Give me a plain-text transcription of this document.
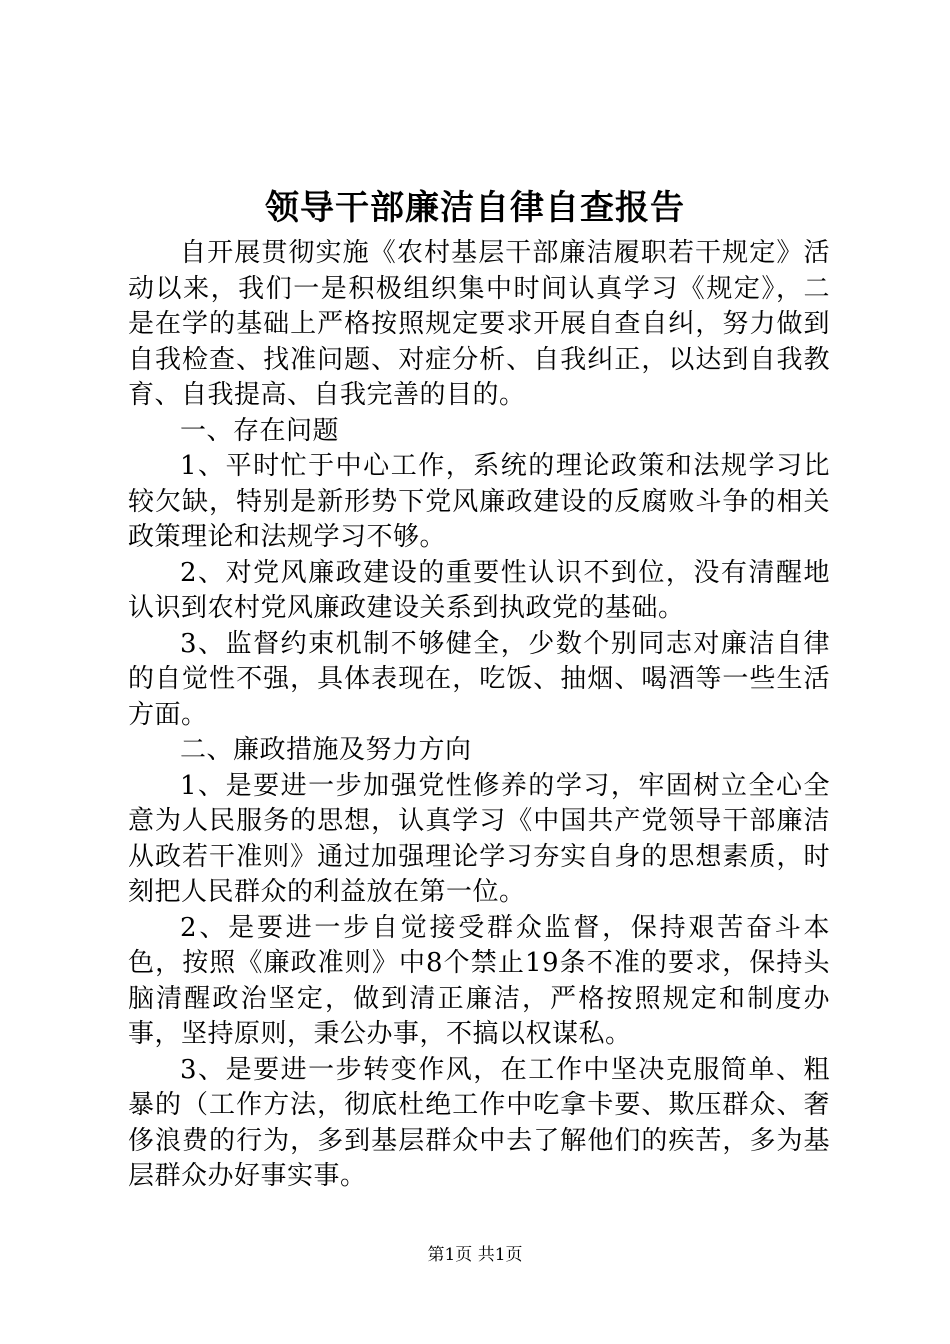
领导干部廉洁自律自查报告

自开展贯彻实施《农村基层干部廉洁履职若干规定》活动以来，我们一是积极组织集中时间认真学习《规定》，二是在学的基础上严格按照规定要求开展自查自纠，努力做到自我检查、找准问题、对症分析、自我纠正，以达到自我教育、自我提高、自我完善的目的。

一、存在问题

1、平时忙于中心工作，系统的理论政策和法规学习比较欠缺，特别是新形势下党风廉政建设的反腐败斗争的相关政策理论和法规学习不够。

2、对党风廉政建设的重要性认识不到位，没有清醒地认识到农村党风廉政建设关系到执政党的基础。

3、监督约束机制不够健全，少数个别同志对廉洁自律的自觉性不强，具体表现在，吃饭、抽烟、喝酒等一些生活方面。

二、廉政措施及努力方向

1、是要进一步加强党性修养的学习，牢固树立全心全意为人民服务的思想，认真学习《中国共产党领导干部廉洁从政若干准则》通过加强理论学习夯实自身的思想素质，时刻把人民群众的利益放在第一位。

2、是要进一步自觉接受群众监督，保持艰苦奋斗本色，按照《廉政准则》中8个禁止19条不准的要求，保持头脑清醒政治坚定，做到清正廉洁，严格按照规定和制度办事，坚持原则，秉公办事，不搞以权谋私。

3、是要进一步转变作风，在工作中坚决克服简单、粗暴的（工作方法，彻底杜绝工作中吃拿卡要、欺压群众、奢侈浪费的行为，多到基层群众中去了解他们的疾苦，多为基层群众办好事实事。

第1页 共1页
